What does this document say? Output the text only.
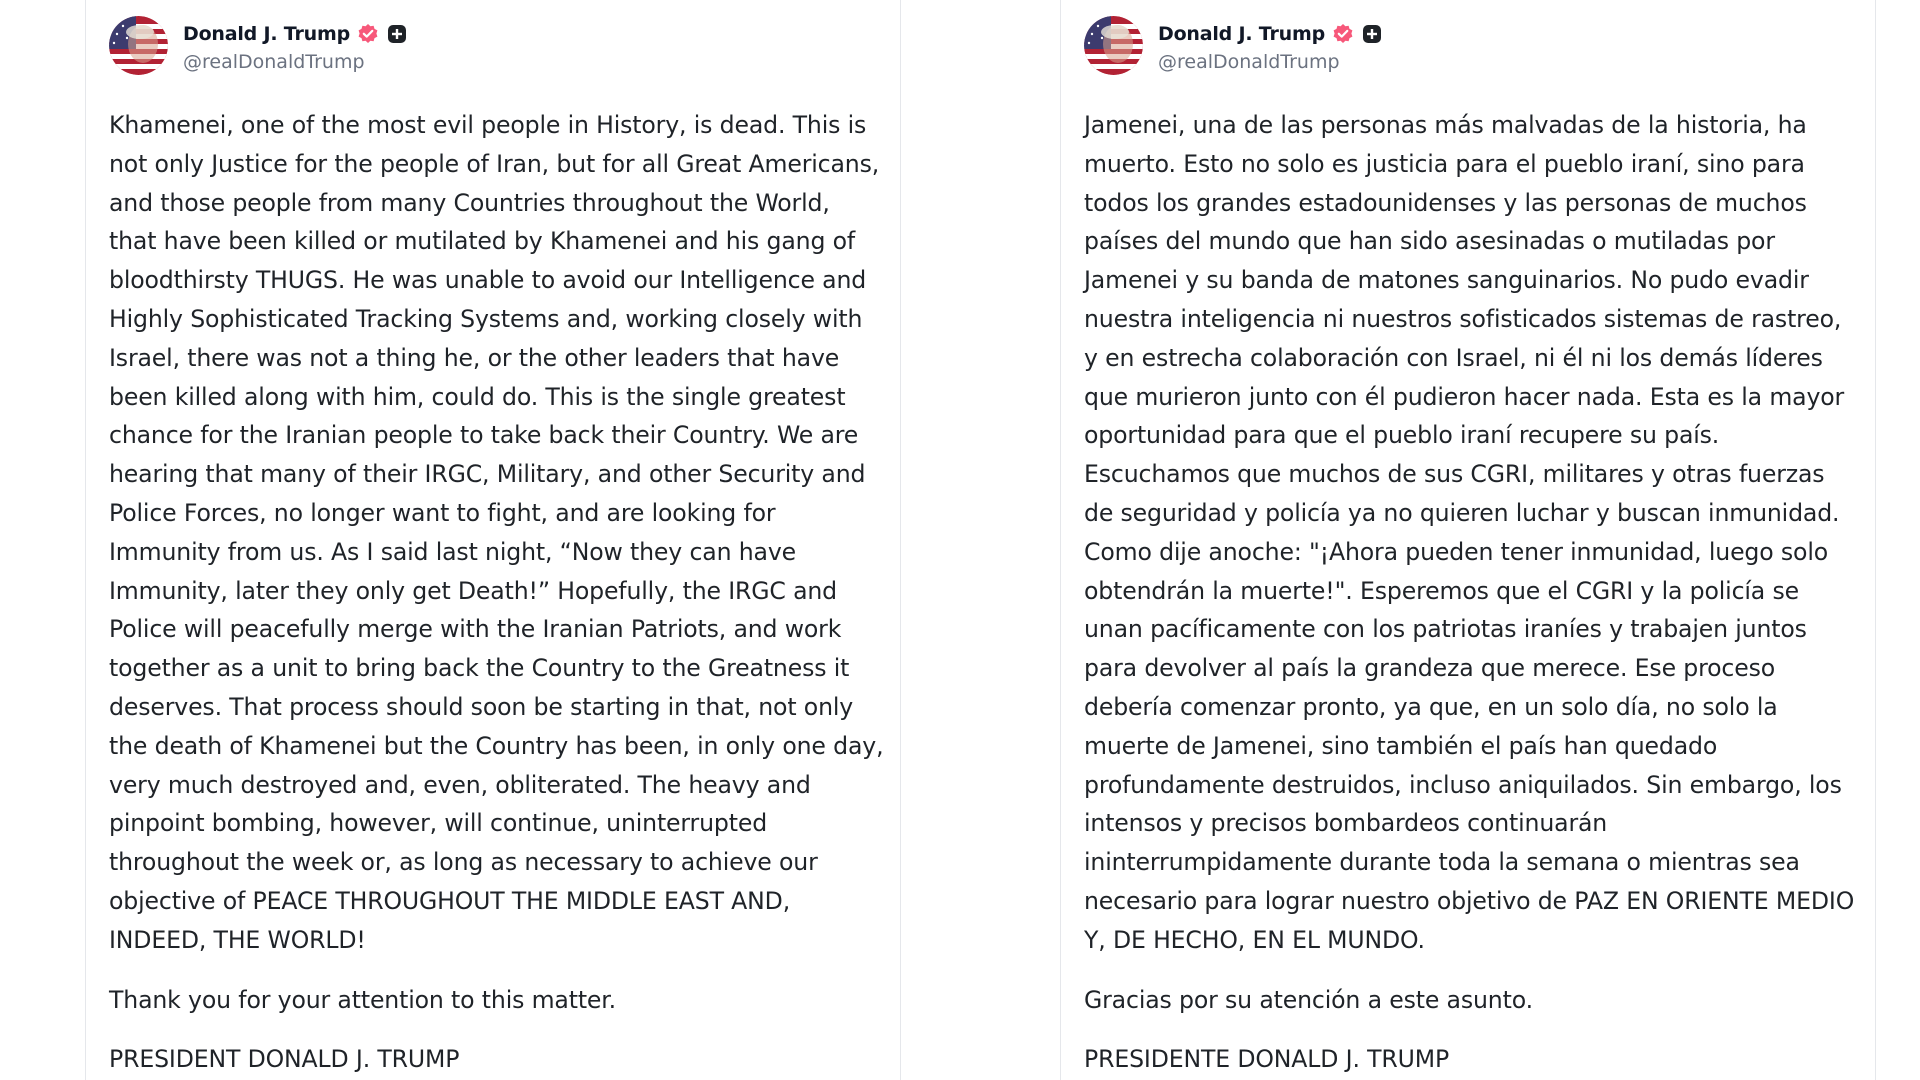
Donald J. Trump
@realDonaldTrump

Khamenei, one of the most evil people in History, is dead. This is not only Justice for the people of Iran, but for all Great Americans, and those people from many Countries throughout the World, that have been killed or mutilated by Khamenei and his gang of bloodthirsty THUGS. He was unable to avoid our Intelligence and Highly Sophisticated Tracking Systems and, working closely with Israel, there was not a thing he, or the other leaders that have been killed along with him, could do. This is the single greatest chance for the Iranian people to take back their Country. We are hearing that many of their IRGC, Military, and other Security and Police Forces, no longer want to fight, and are looking for Immunity from us. As I said last night, “Now they can have Immunity, later they only get Death!” Hopefully, the IRGC and Police will peacefully merge with the Iranian Patriots, and work together as a unit to bring back the Country to the Greatness it deserves. That process should soon be starting in that, not only the death of Khamenei but the Country has been, in only one day, very much destroyed and, even, obliterated. The heavy and pinpoint bombing, however, will continue, uninterrupted throughout the week or, as long as necessary to achieve our objective of PEACE THROUGHOUT THE MIDDLE EAST AND, INDEED, THE WORLD!

Thank you for your attention to this matter.

PRESIDENT DONALD J. TRUMP

Donald J. Trump
@realDonaldTrump

Jamenei, una de las personas más malvadas de la historia, ha muerto. Esto no solo es justicia para el pueblo iraní, sino para todos los grandes estadounidenses y las personas de muchos países del mundo que han sido asesinadas o mutiladas por Jamenei y su banda de matones sanguinarios. No pudo evadir nuestra inteligencia ni nuestros sofisticados sistemas de rastreo, y en estrecha colaboración con Israel, ni él ni los demás líderes que murieron junto con él pudieron hacer nada. Esta es la mayor oportunidad para que el pueblo iraní recupere su país. Escuchamos que muchos de sus CGRI, militares y otras fuerzas de seguridad y policía ya no quieren luchar y buscan inmunidad. Como dije anoche: "¡Ahora pueden tener inmunidad, luego solo obtendrán la muerte!". Esperemos que el CGRI y la policía se unan pacíficamente con los patriotas iraníes y trabajen juntos para devolver al país la grandeza que merece. Ese proceso debería comenzar pronto, ya que, en un solo día, no solo la muerte de Jamenei, sino también el país han quedado profundamente destruidos, incluso aniquilados. Sin embargo, los intensos y precisos bombardeos continuarán ininterrumpidamente durante toda la semana o mientras sea necesario para lograr nuestro objetivo de PAZ EN ORIENTE MEDIO Y, DE HECHO, EN EL MUNDO.

Gracias por su atención a este asunto.

PRESIDENTE DONALD J. TRUMP
